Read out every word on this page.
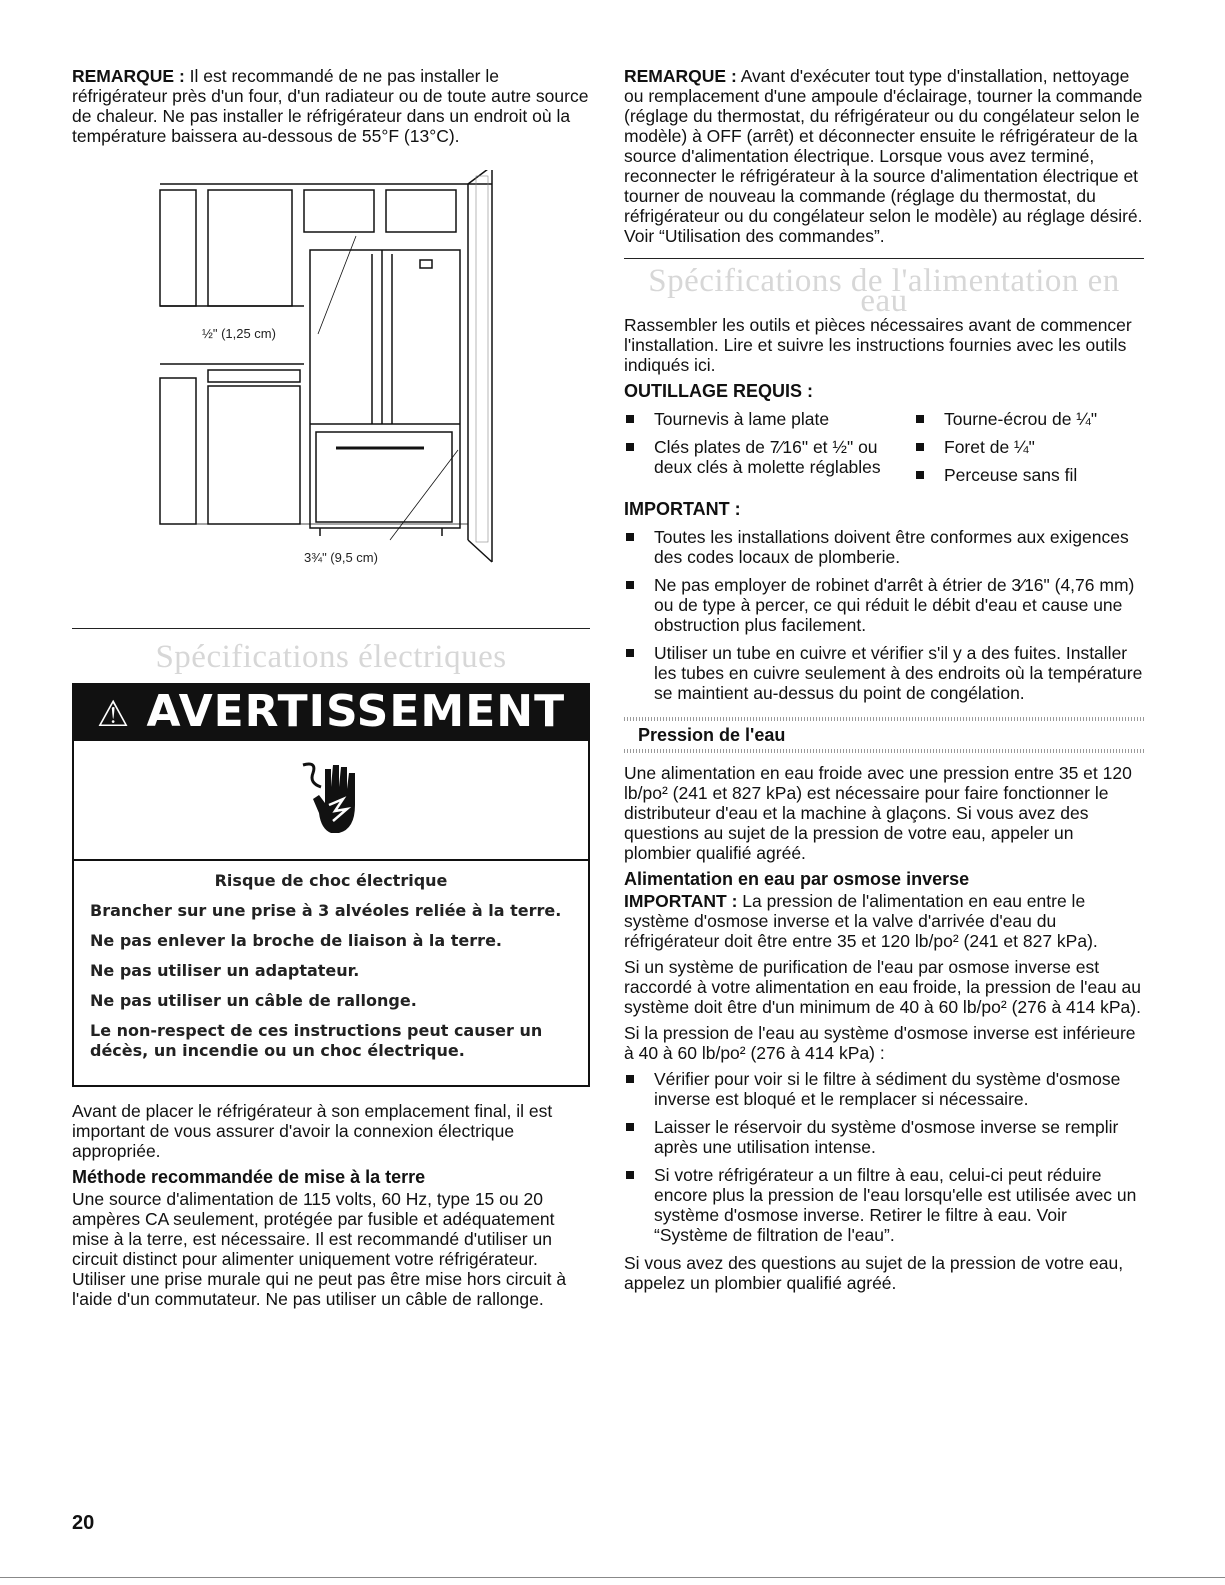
REMARQUE : Il est recommandé de ne pas installer le réfrigérateur près d'un four, d'un radiateur ou de toute autre source de chaleur. Ne pas installer le réfrigérateur dans un endroit où la température baissera au-dessous de 55°F (13°C).

½" (1,25 cm)
3¾" (9,5 cm)
Spécifications électriques
⚠ AVERTISSEMENT
Risque de choc électrique
Brancher sur une prise à 3 alvéoles reliée à la terre.
Ne pas enlever la broche de liaison à la terre.
Ne pas utiliser un adaptateur.
Ne pas utiliser un câble de rallonge.
Le non-respect de ces instructions peut causer un décès, un incendie ou un choc électrique.

Avant de placer le réfrigérateur à son emplacement final, il est important de vous assurer d'avoir la connexion électrique appropriée.

Méthode recommandée de mise à la terre

Une source d'alimentation de 115 volts, 60 Hz, type 15 ou 20 ampères CA seulement, protégée par fusible et adéquatement mise à la terre, est nécessaire. Il est recommandé d'utiliser un circuit distinct pour alimenter uniquement votre réfrigérateur. Utiliser une prise murale qui ne peut pas être mise hors circuit à l'aide d'un commutateur. Ne pas utiliser un câble de rallonge.

REMARQUE : Avant d'exécuter tout type d'installation, nettoyage ou remplacement d'une ampoule d'éclairage, tourner la commande (réglage du thermostat, du réfrigérateur ou du congélateur selon le modèle) à OFF (arrêt) et déconnecter ensuite le réfrigérateur de la source d'alimentation électrique. Lorsque vous avez terminé, reconnecter le réfrigérateur à la source d'alimentation électrique et tourner de nouveau la commande (réglage du thermostat, du réfrigérateur ou du congélateur selon le modèle) au réglage désiré. Voir “Utilisation des commandes”.

Spécifications de l'alimentation en eau

Rassembler les outils et pièces nécessaires avant de commencer l'installation. Lire et suivre les instructions fournies avec les outils indiqués ici.

OUTILLAGE REQUIS :
Tournevis à lame plate
Clés plates de 7⁄16" et ½" ou deux clés à molette réglables
Tourne-écrou de ¼"
Foret de ¼"
Perceuse sans fil
IMPORTANT :
Toutes les installations doivent être conformes aux exigences des codes locaux de plomberie.
Ne pas employer de robinet d'arrêt à étrier de 3⁄16" (4,76 mm) ou de type à percer, ce qui réduit le débit d'eau et cause une obstruction plus facilement.
Utiliser un tube en cuivre et vérifier s'il y a des fuites. Installer les tubes en cuivre seulement à des endroits où la température se maintient au-dessus du point de congélation.
Pression de l'eau

Une alimentation en eau froide avec une pression entre 35 et 120 lb/po² (241 et 827 kPa) est nécessaire pour faire fonctionner le distributeur d'eau et la machine à glaçons. Si vous avez des questions au sujet de la pression de votre eau, appeler un plombier qualifié agréé.

Alimentation en eau par osmose inverse

IMPORTANT : La pression de l'alimentation en eau entre le système d'osmose inverse et la valve d'arrivée d'eau du réfrigérateur doit être entre 35 et 120 lb/po² (241 et 827 kPa).

Si un système de purification de l'eau par osmose inverse est raccordé à votre alimentation en eau froide, la pression de l'eau au système doit être d'un minimum de 40 à 60 lb/po² (276 à 414 kPa).

Si la pression de l'eau au système d'osmose inverse est inférieure à 40 à 60 lb/po² (276 à 414 kPa) :

Vérifier pour voir si le filtre à sédiment du système d'osmose inverse est bloqué et le remplacer si nécessaire.
Laisser le réservoir du système d'osmose inverse se remplir après une utilisation intense.
Si votre réfrigérateur a un filtre à eau, celui-ci peut réduire encore plus la pression de l'eau lorsqu'elle est utilisée avec un système d'osmose inverse. Retirer le filtre à eau. Voir “Système de filtration de l'eau”.

Si vous avez des questions au sujet de la pression de votre eau, appelez un plombier qualifié agréé.

20
